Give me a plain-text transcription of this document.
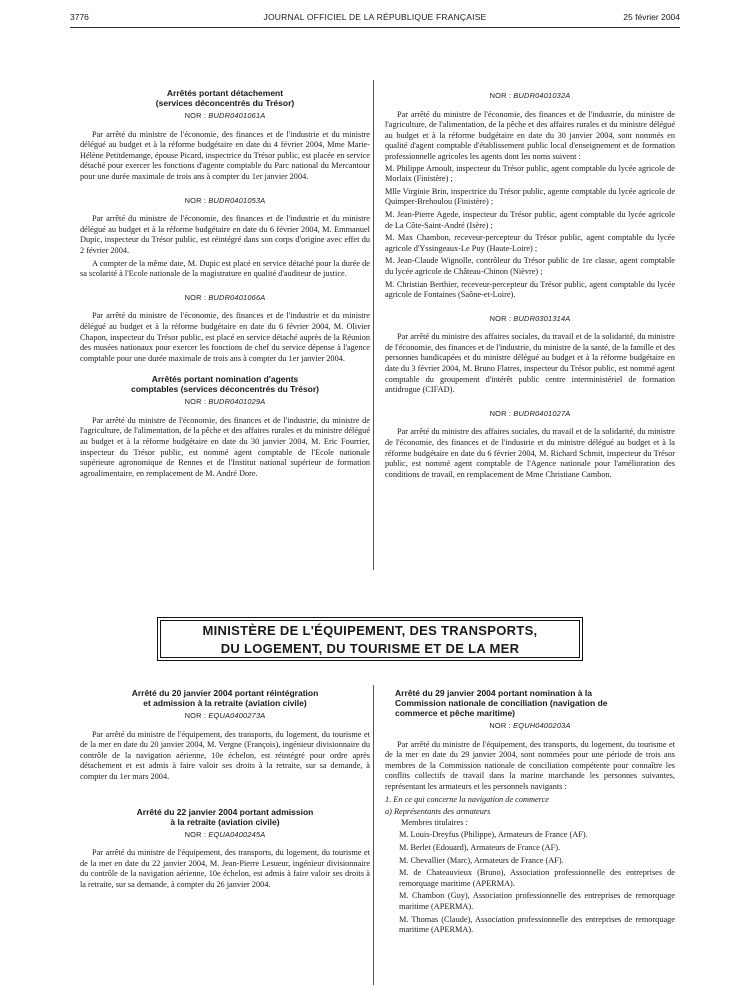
3776	JOURNAL OFFICIEL DE LA RÉPUBLIQUE FRANÇAISE	25 février 2004
Arrêtés portant détachement
(services déconcentrés du Trésor)
NOR : BUDR0401061A

Par arrêté du ministre de l'économie, des finances et de l'industrie et du ministre délégué au budget et à la réforme budgétaire en date du 4 février 2004, Mme Marie-Hélène Petitdemange, épouse Picard, inspectrice du Trésor public, est placée en service détaché pour exercer les fonctions d'agente comptable du Parc national du Mercantour pour une durée maximale de trois ans à compter du 1er janvier 2004.

NOR : BUDR0401053A

Par arrêté du ministre de l'économie, des finances et de l'industrie et du ministre délégué au budget et à la réforme budgétaire en date du 6 février 2004, M. Emmanuel Dupic, inspecteur du Trésor public, est réintégré dans son corps d'origine avec effet du 2 février 2004.

A compter de la même date, M. Dupic est placé en service détaché pour la durée de sa scolarité à l'Ecole nationale de la magistrature en qualité d'auditeur de justice.

NOR : BUDR0401066A

Par arrêté du ministre de l'économie, des finances et de l'industrie et du ministre délégué au budget et à la réforme budgétaire en date du 6 février 2004, M. Olivier Chapon, inspecteur du Trésor public, est placé en service détaché auprès de la Réunion des musées nationaux pour exercer les fonctions de chef du service dépense à l'agence comptable pour une durée maximale de trois ans à compter du 1er janvier 2004.

Arrêtés portant nomination d'agents
comptables (services déconcentrés du Trésor)
NOR : BUDR0401029A

Par arrêté du ministre de l'économie, des finances et de l'industrie, du ministre de l'agriculture, de l'alimentation, de la pêche et des affaires rurales et du ministre délégué au budget et à la réforme budgétaire en date du 30 janvier 2004, M. Eric Fourrier, inspecteur du Trésor public, est nommé agent comptable de l'Ecole nationale supérieure agronomique de Rennes et de l'Institut national supérieur de formation agroalimentaire, en remplacement de M. André Dore.

NOR : BUDR0401032A

Par arrêté du ministre de l'économie, des finances et de l'industrie, du ministre de l'agriculture, de l'alimentation, de la pêche et des affaires rurales et du ministre délégué au budget et à la réforme budgétaire en date du 30 janvier 2004, sont nommés en qualité d'agent comptable d'établissement public local d'enseignement et de formation professionnelle agricoles les agents dont les noms suivent :

M. Philippe Arnoult, inspecteur du Trésor public, agent comptable du lycée agricole de Morlaix (Finistère) ;

Mlle Virginie Brin, inspectrice du Trésor public, agente comptable du lycée agricole de Quimper-Brehoulou (Finistère) ;

M. Jean-Pierre Agede, inspecteur du Trésor public, agent comptable du lycée agricole de La Côte-Saint-André (Isère) ;

M. Max Chambon, receveur-percepteur du Trésor public, agent comptable du lycée agricole d'Yssingeaux-Le Puy (Haute-Loire) ;

M. Jean-Claude Wignolle, contrôleur du Trésor public de 1re classe, agent comptable du lycée agricole de Château-Chinon (Nièvre) ;

M. Christian Berthier, receveur-percepteur du Trésor public, agent comptable du lycée agricole de Fontaines (Saône-et-Loire).

NOR : BUDR0301314A

Par arrêté du ministre des affaires sociales, du travail et de la solidarité, du ministre de l'économie, des finances et de l'industrie, du ministre de la santé, de la famille et des personnes handicapées et du ministre délégué au budget et à la réforme budgétaire en date du 3 février 2004, M. Bruno Flatres, inspecteur du Trésor public, est nommé agent comptable du groupement d'intérêt public centre interministériel de formation antidrogue (CIFAD).

NOR : BUDR0401027A

Par arrêté du ministre des affaires sociales, du travail et de la solidarité, du ministre de l'économie, des finances et de l'industrie et du ministre délégué au budget et à la réforme budgétaire en date du 6 février 2004, M. Richard Schmit, inspecteur du Trésor public, est nommé agent comptable de l'Agence nationale pour l'amélioration des conditions de travail, en remplacement de Mme Christiane Cambon.

MINISTÈRE DE L'ÉQUIPEMENT, DES TRANSPORTS,
DU LOGEMENT, DU TOURISME ET DE LA MER
Arrêté du 20 janvier 2004 portant réintégration
et admission à la retraite (aviation civile)
NOR : EQUA0400273A

Par arrêté du ministre de l'équipement, des transports, du logement, du tourisme et de la mer en date du 20 janvier 2004, M. Vergne (François), ingénieur divisionnaire du contrôle de la navigation aérienne, 10e échelon, est réintégré pour ordre après détachement et est admis à faire valoir ses droits à la retraite, sur sa demande, à compter du 1er mars 2004.

Arrêté du 22 janvier 2004 portant admission
à la retraite (aviation civile)
NOR : EQUA0400245A

Par arrêté du ministre de l'équipement, des transports, du logement, du tourisme et de la mer en date du 22 janvier 2004, M. Jean-Pierre Lesueur, ingénieur divisionnaire du contrôle de la navigation aérienne, 10e échelon, est admis à faire valoir ses droits à la retraite, sur sa demande, à compter du 26 janvier 2004.

Arrêté du 29 janvier 2004 portant nomination à la
Commission nationale de conciliation (navigation de
commerce et pêche maritime)
NOR : EQUH0400203A

Par arrêté du ministre de l'équipement, des transports, du logement, du tourisme et de la mer en date du 29 janvier 2004, sont nommées pour une période de trois ans membres de la Commission nationale de conciliation compétente pour connaître les conflits collectifs de travail dans la marine marchande les personnes suivantes, représentant les armateurs et les personnels navigants :

1. En ce qui concerne la navigation de commerce

a) Représentants des armateurs

Membres titulaires :

M. Louis-Dreyfus (Philippe), Armateurs de France (AF).

M. Berlet (Edouard), Armateurs de France (AF).

M. Chevallier (Marc), Armateurs de France (AF).

M. de Chateauvieux (Bruno), Association professionnelle des entreprises de remorquage maritime (APERMA).

M. Chambon (Guy), Association professionnelle des entreprises de remorquage maritime (APERMA).

M. Thomas (Claude), Association professionnelle des entreprises de remorquage maritime (APERMA).
